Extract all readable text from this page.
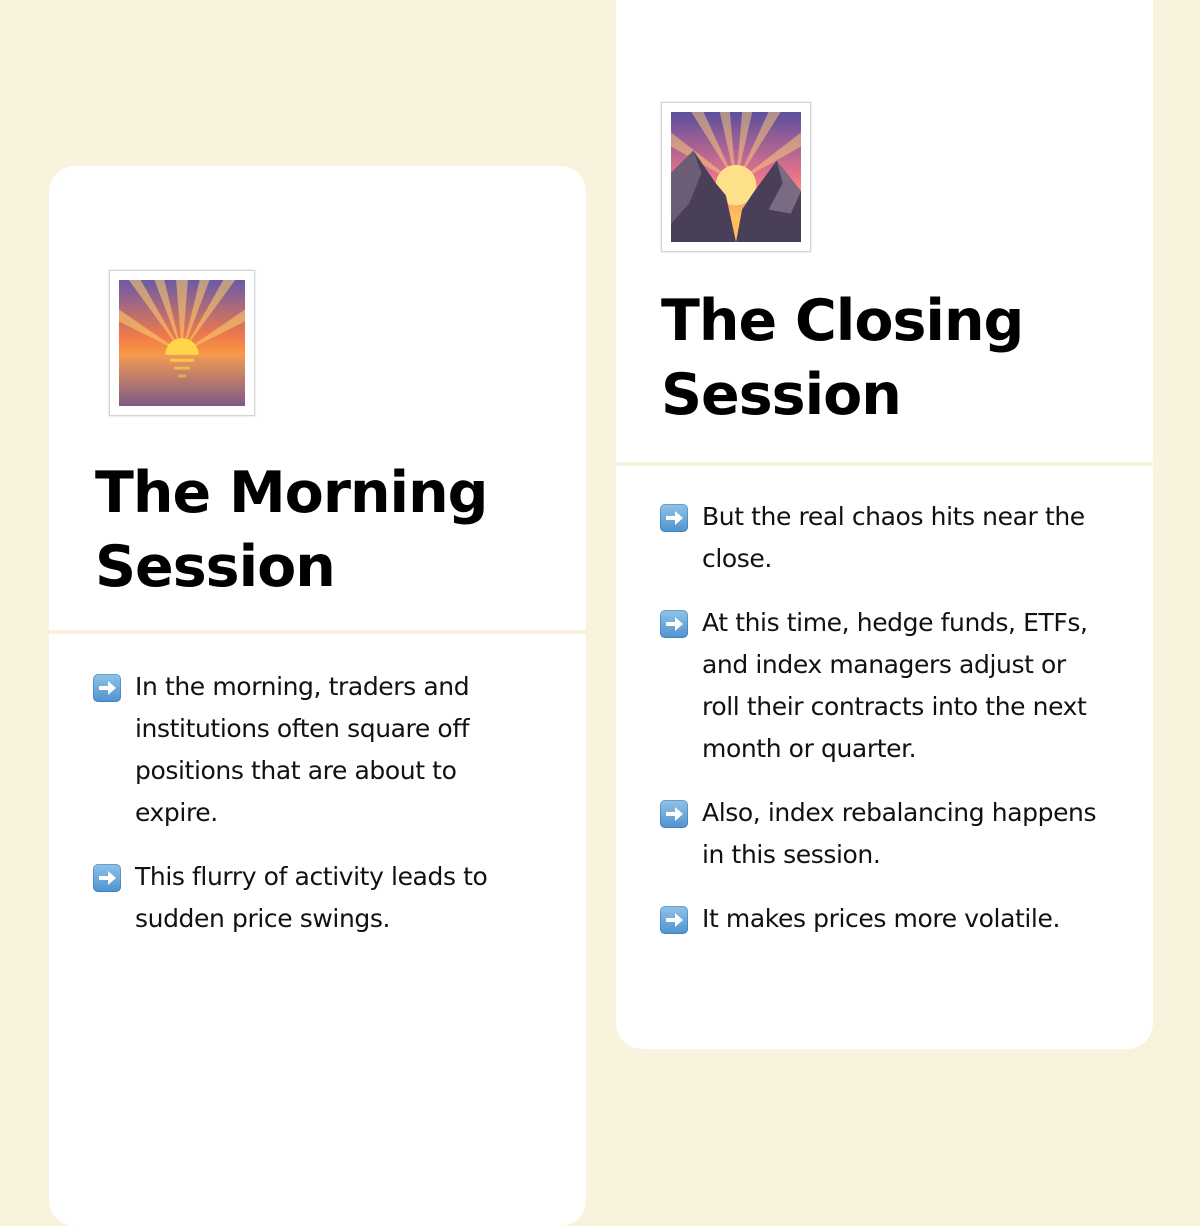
The Morning Session
In the morning, traders and institutions often square off positions that are about to expire.
This flurry of activity leads to sudden price swings.
The Closing Session
But the real chaos hits near the close.
At this time, hedge funds, ETFs, and index managers adjust or roll their contracts into the next month or quarter.
Also, index rebalancing happens in this session.
It makes prices more volatile.
